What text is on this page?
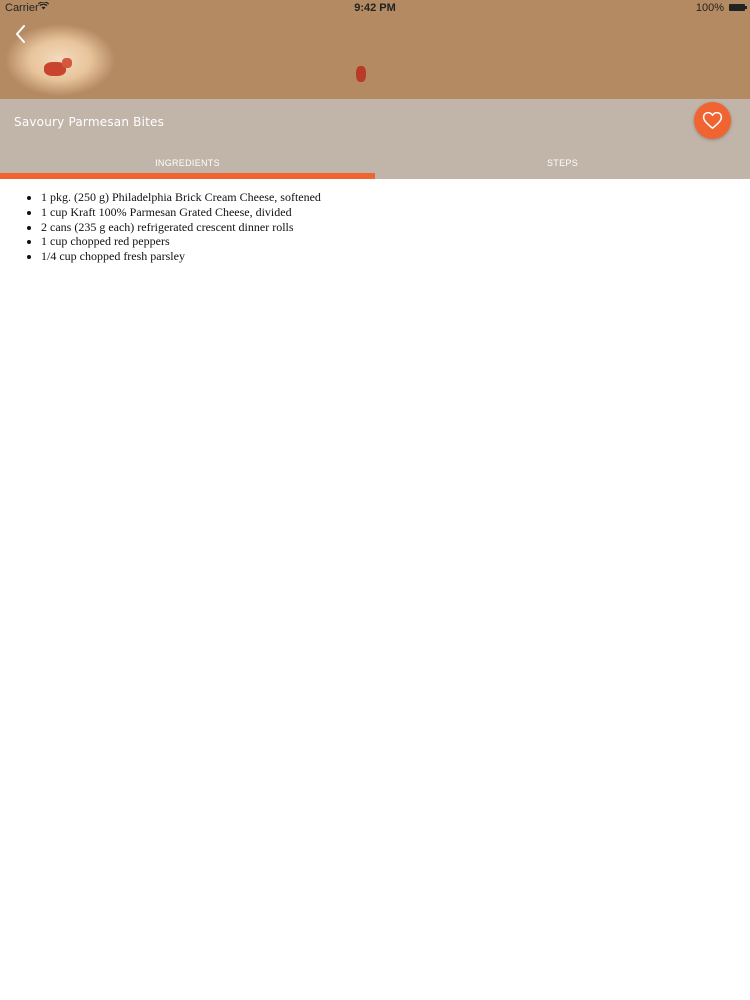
Carrier	9:42 PM	100%
Savoury Parmesan Bites
INGREDIENTS	STEPS
• 1 pkg. (250 g) Philadelphia Brick Cream Cheese, softened
• 1 cup Kraft 100% Parmesan Grated Cheese, divided
• 2 cans (235 g each) refrigerated crescent dinner rolls
• 1 cup chopped red peppers
• 1/4 cup chopped fresh parsley
